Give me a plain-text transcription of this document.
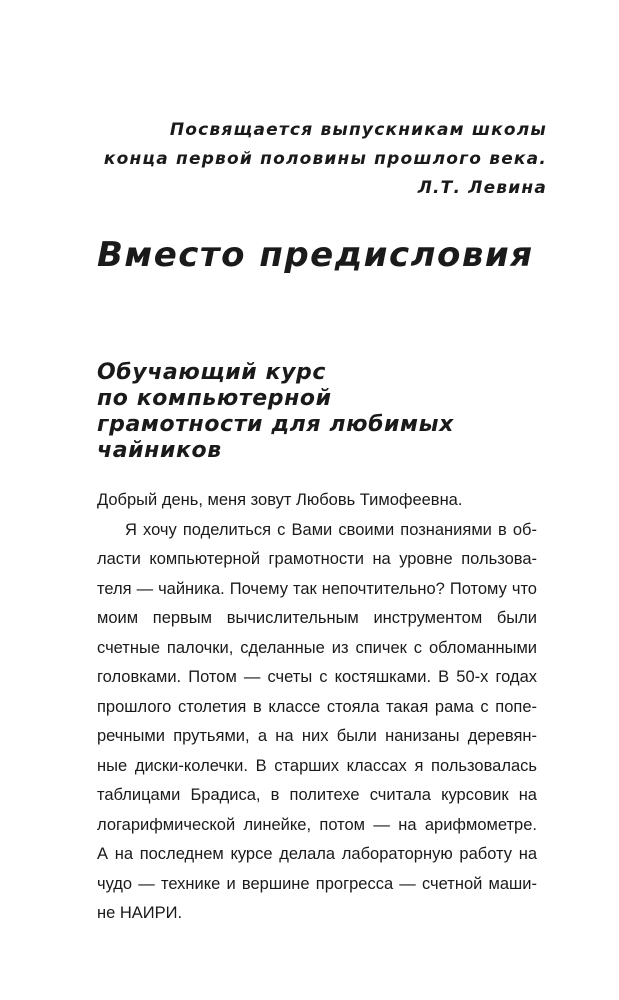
Посвящается выпускникам школы
конца первой половины прошлого века.
Л.Т. Левина
Вместо предисловия
Обучающий курс
по компьютерной
грамотности для любимых
чайников
Добрый день, меня зовут Любовь Тимофеевна.
Я хочу поделиться с Вами своими познаниями в об-
ласти компьютерной грамотности на уровне пользова-
теля — чайника. Почему так непочтительно? Потому что
моим первым вычислительным инструментом были
счетные палочки, сделанные из спичек с обломанными
головками. Потом — счеты с костяшками. В 50-х годах
прошлого столетия в классе стояла такая рама с попе-
речными прутьями, а на них были нанизаны деревян-
ные диски-колечки. В старших классах я пользовалась
таблицами Брадиса, в политехе считала курсовик на
логарифмической линейке, потом — на арифмометре.
А на последнем курсе делала лабораторную работу на
чудо — технике и вершине прогресса — счетной маши-
не НАИРИ.
